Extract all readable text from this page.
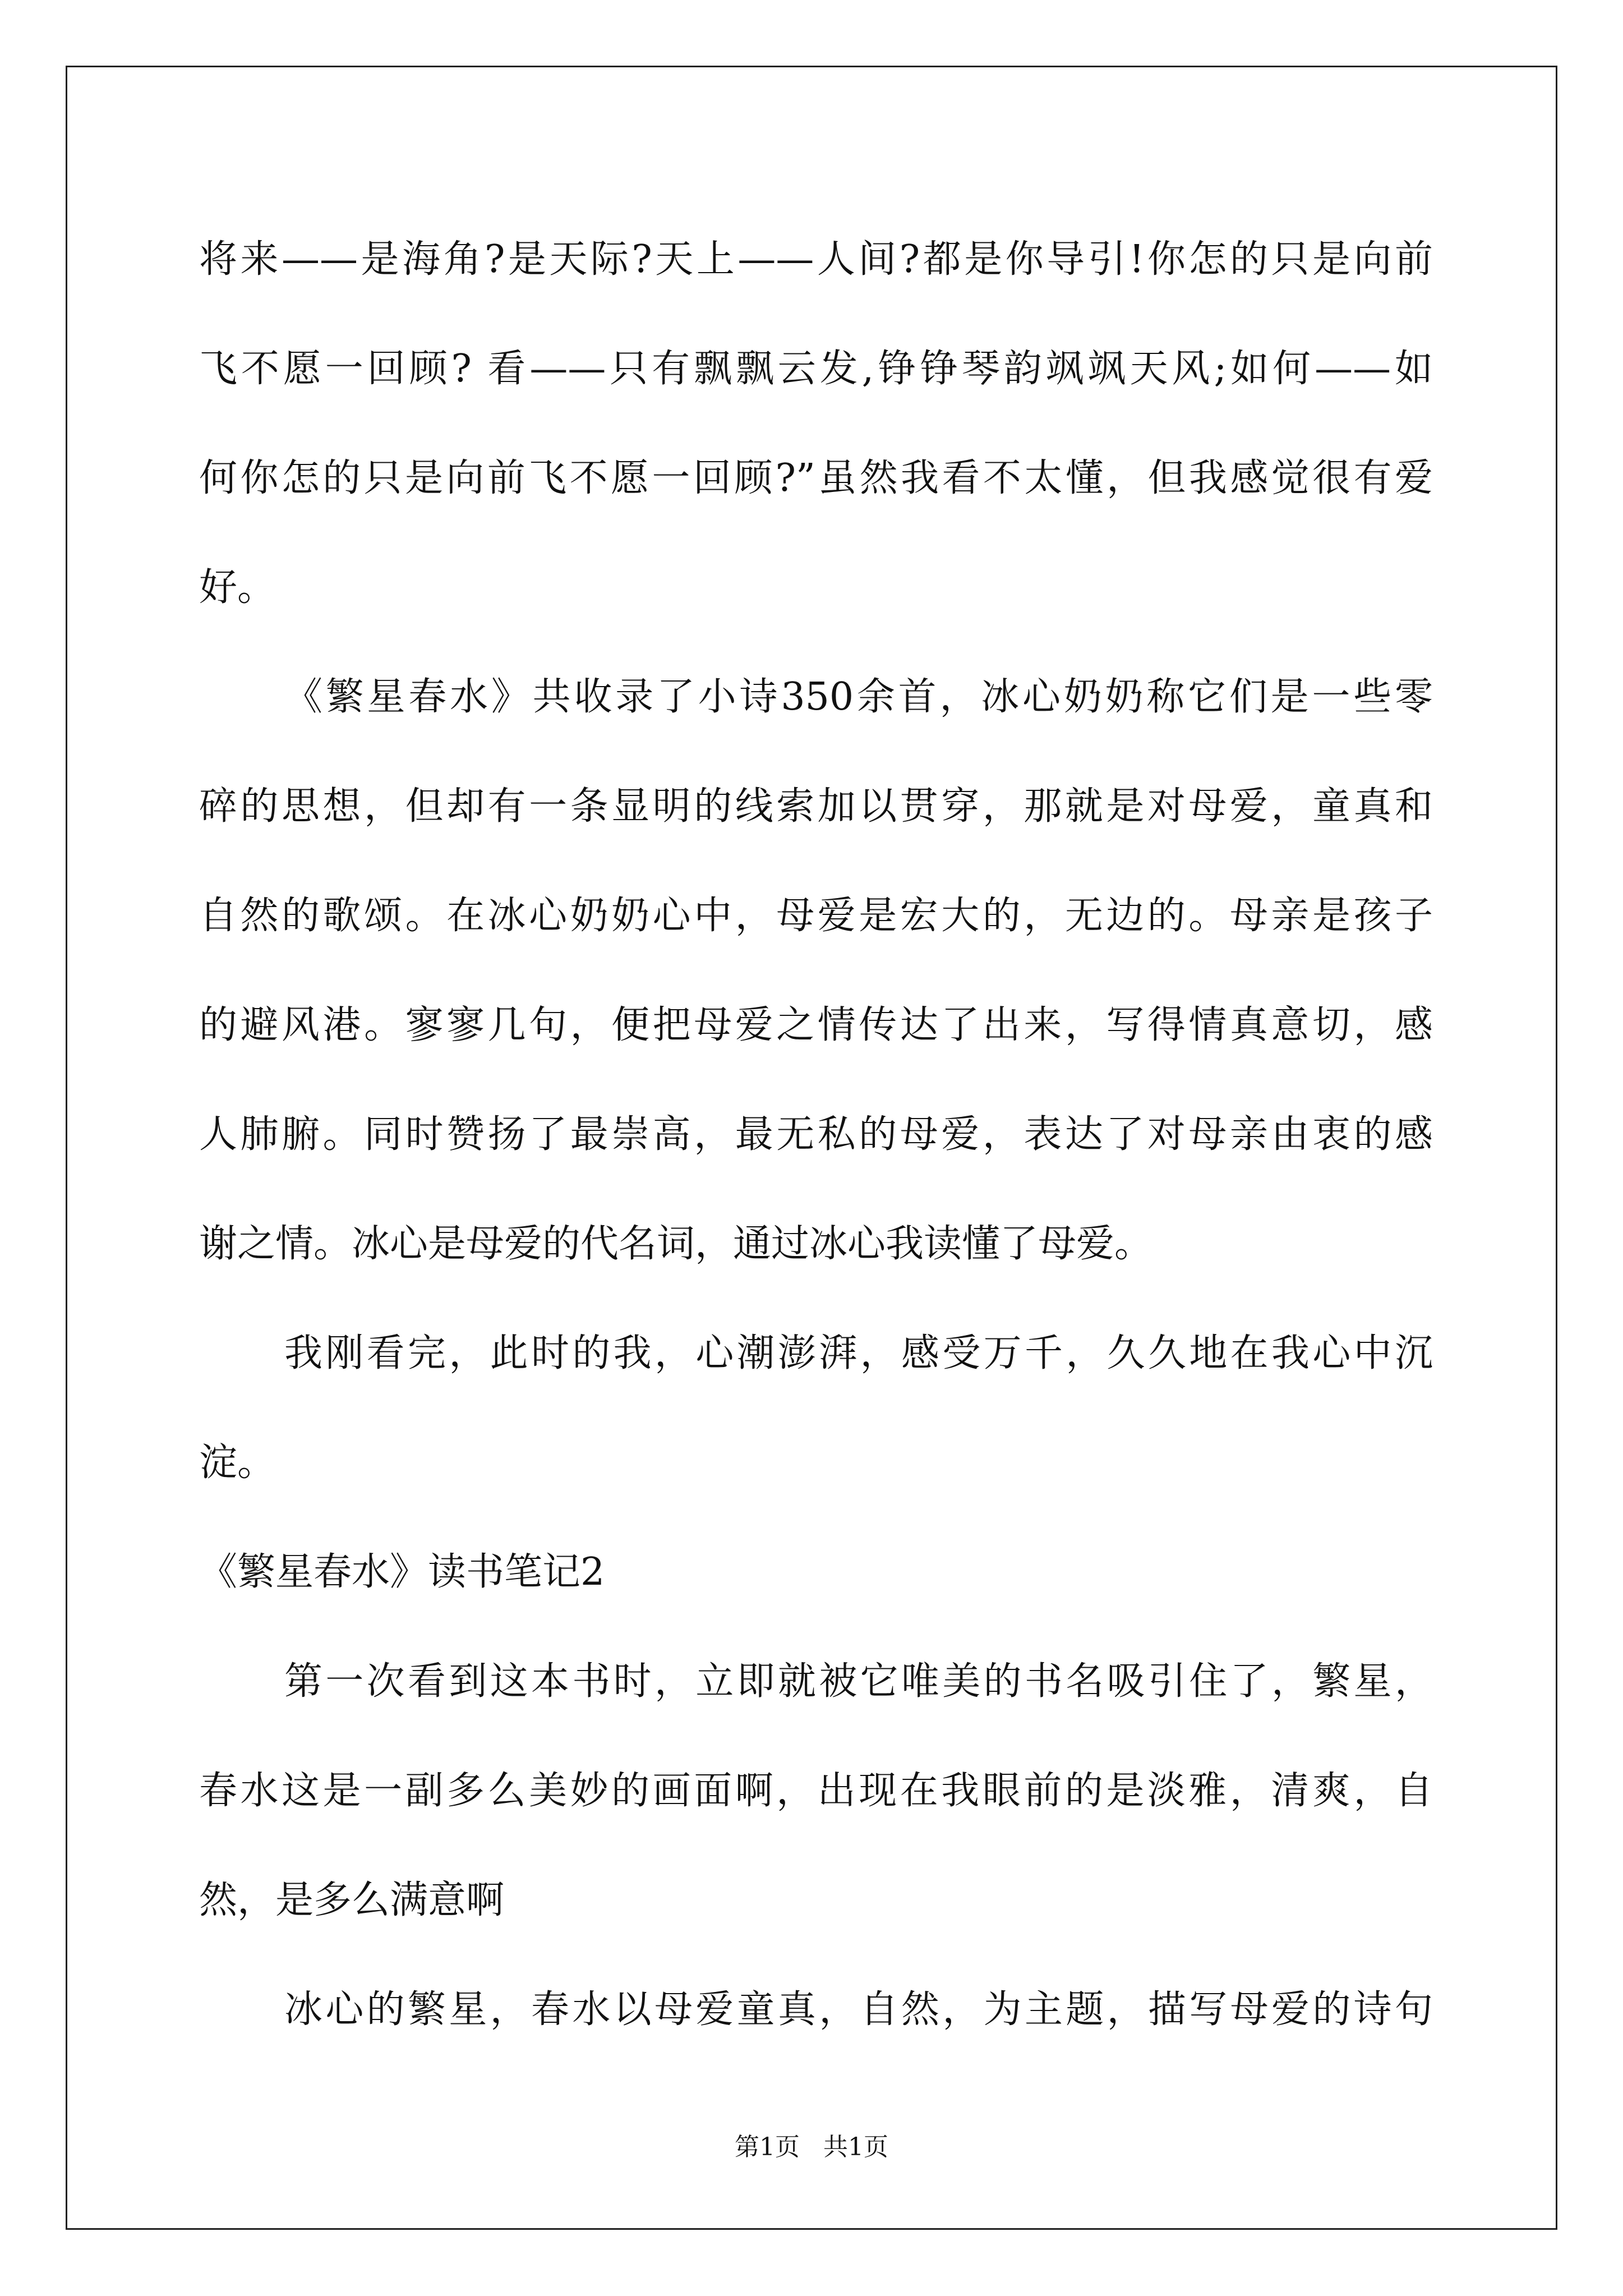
将来——是海角?是天际?天上——人间?都是你导引!你怎的只是向前
飞不愿一回顾? 看——只有飘飘云发,铮铮琴韵飒飒天风;如何——如
何你怎的只是向前飞不愿一回顾?”虽然我看不太懂，但我感觉很有爱
好。
《繁星春水》共收录了小诗350余首，冰心奶奶称它们是一些零
碎的思想，但却有一条显明的线索加以贯穿，那就是对母爱，童真和
自然的歌颂。在冰心奶奶心中，母爱是宏大的，无边的。母亲是孩子
的避风港。寥寥几句，便把母爱之情传达了出来，写得情真意切，感
人肺腑。同时赞扬了最崇高，最无私的母爱，表达了对母亲由衷的感
谢之情。冰心是母爱的代名词，通过冰心我读懂了母爱。
我刚看完，此时的我，心潮澎湃，感受万千，久久地在我心中沉
淀。
《繁星春水》读书笔记2
第一次看到这本书时，立即就被它唯美的书名吸引住了，繁星，
春水这是一副多么美妙的画面啊，出现在我眼前的是淡雅，清爽，自
然，是多么满意啊
冰心的繁星，春水以母爱童真，自然，为主题，描写母爱的诗句
第1页 共1页
